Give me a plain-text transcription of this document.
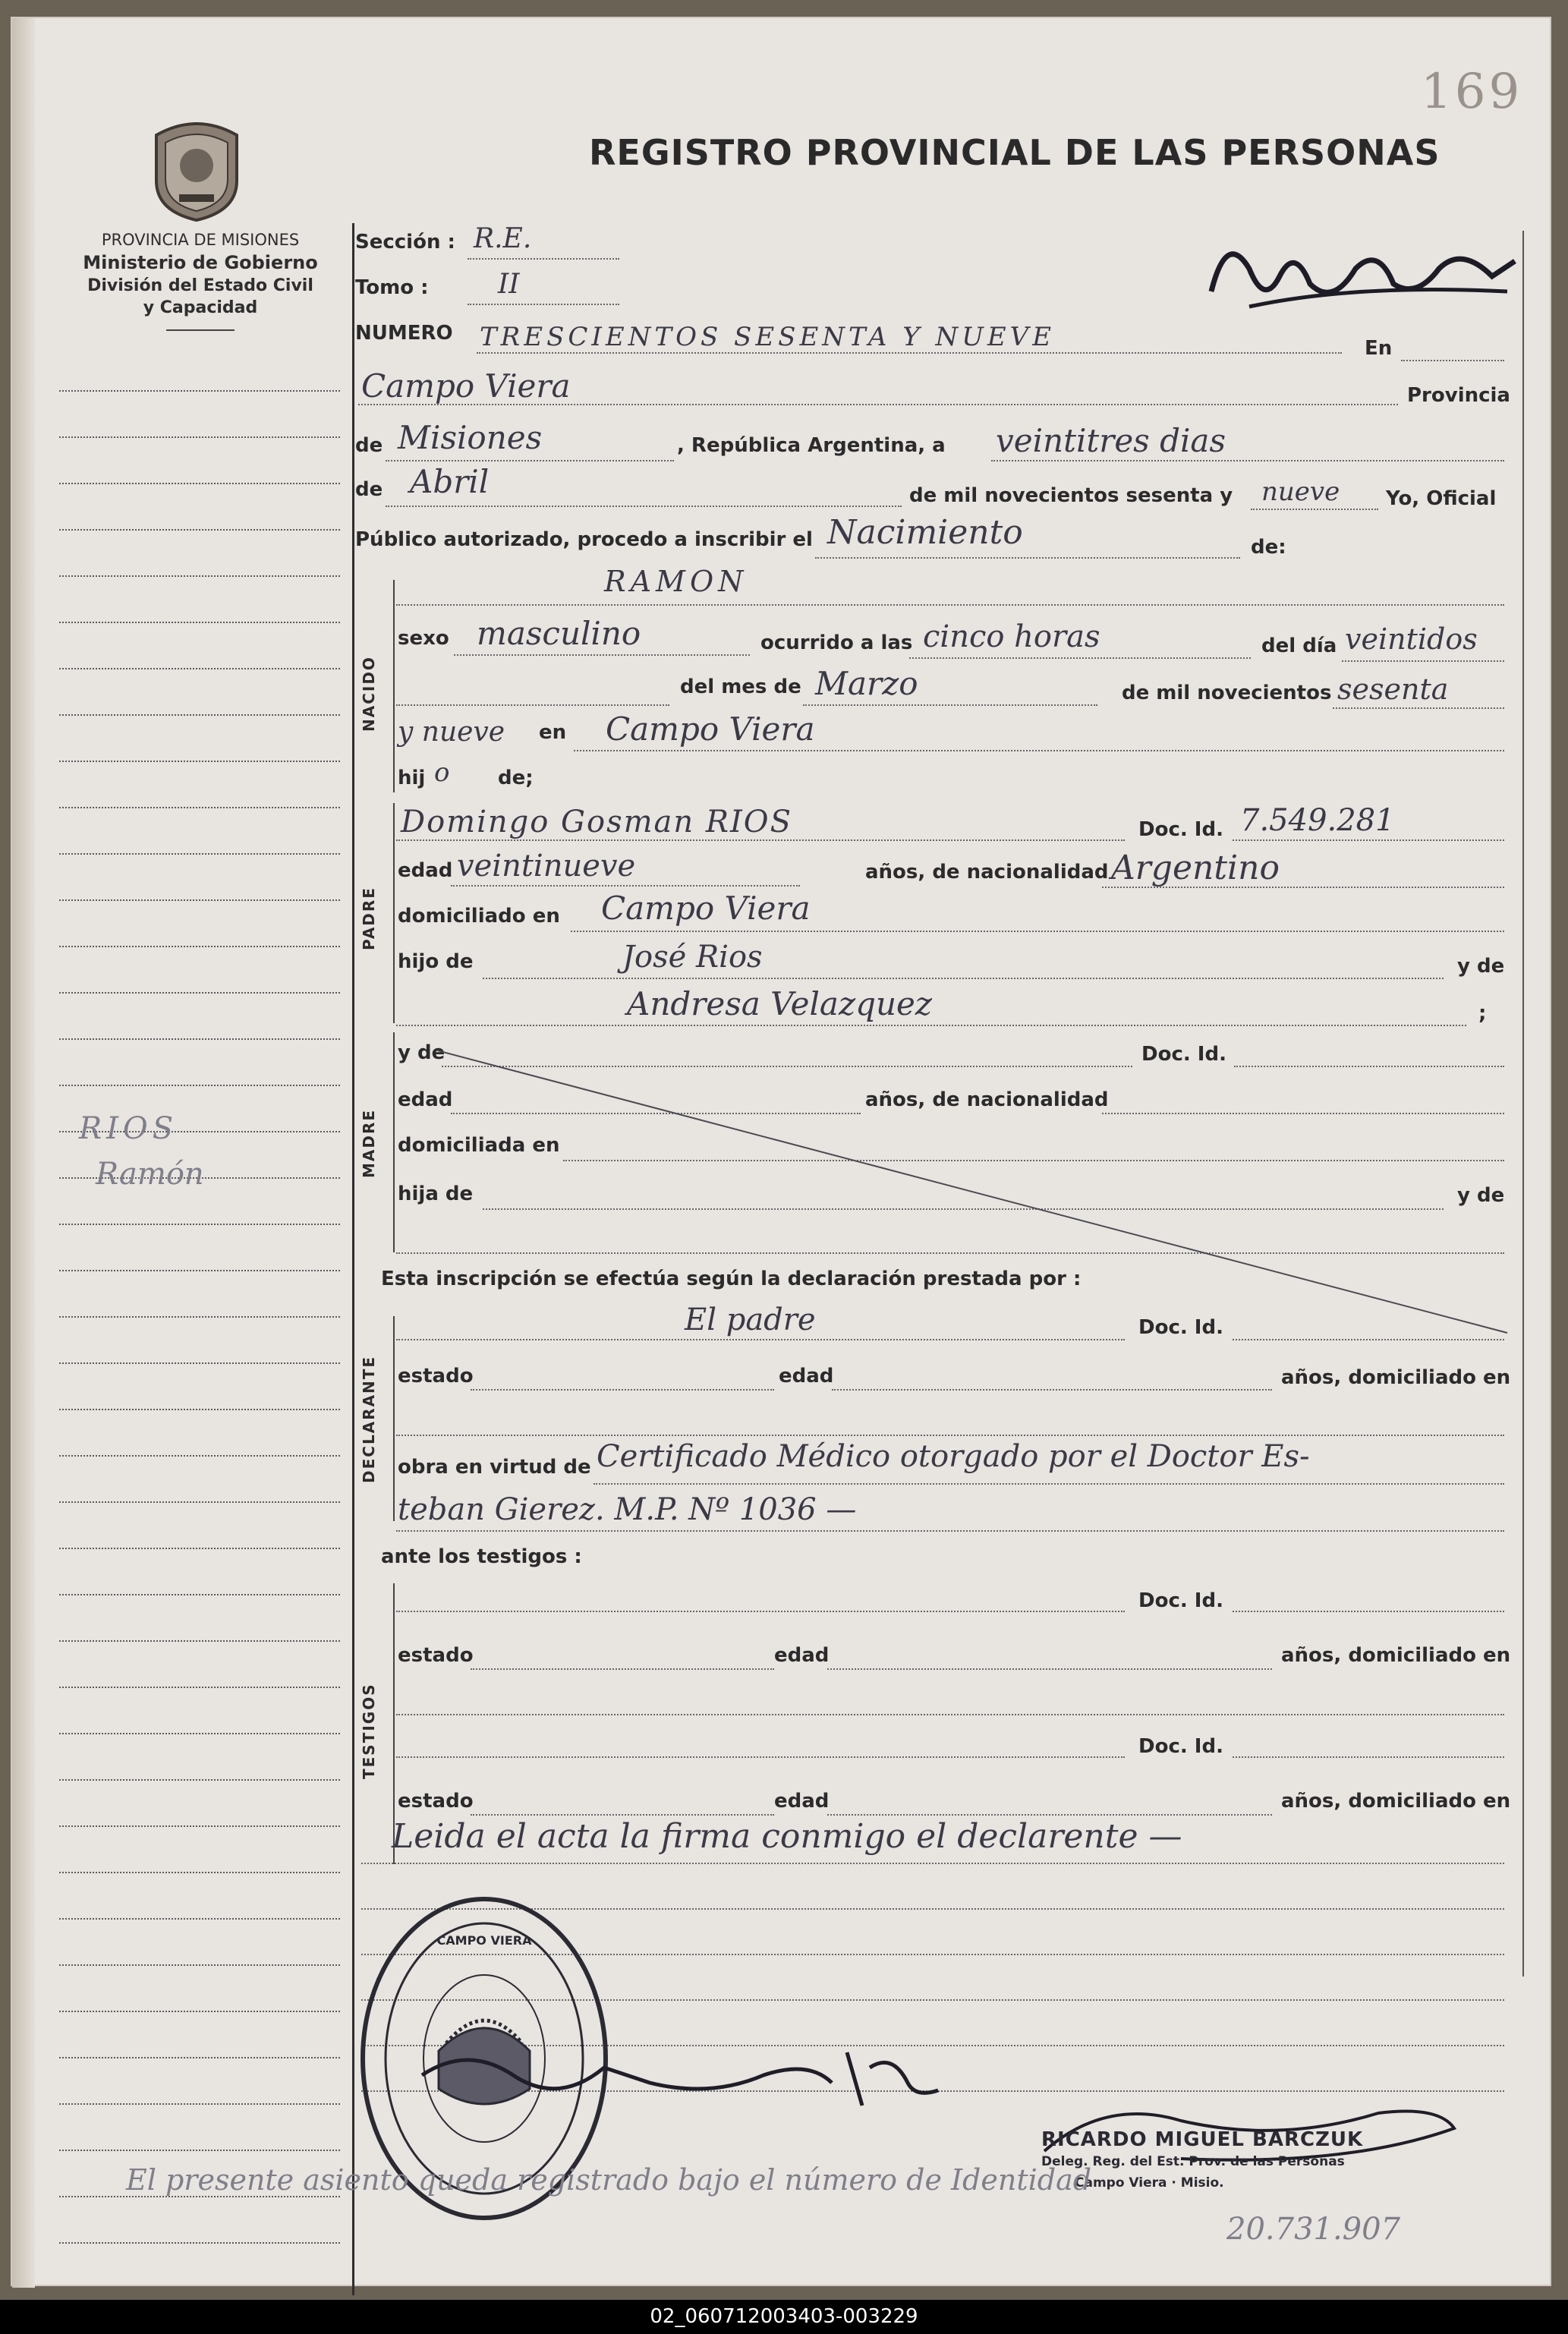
169
PROVINCIA DE MISIONES
Ministerio de Gobierno
División del Estado Civil
y Capacidad
REGISTRO PROVINCIAL DE LAS PERSONAS
RIOS
Ramón
Sección : R.E.
Tomo :	II
NUMERO TRESCIENTOS SESENTA Y NUEVE	En
Campo Viera	Provincia
de Misiones	, República Argentina, a veintitres dias
de Abril	de mil novecientos sesenta y nueve Yo, Oficial
Público autorizado, procedo a inscribir el Nacimiento	de:
NACIDO
RAMON
sexo masculino	ocurrido a las cinco horas	del día veintidos
del mes de Marzo	de mil novecientos sesenta
y nueve en Campo Viera
hij o de;
PADRE
Domingo Gosman RIOS	Doc. Id. 7.549.281
edad veintinueve	años, de nacionalidad Argentino
domiciliado en Campo Viera
hijo de	José Rios	y de
Andresa Velazquez	;
MADRE
y de	Doc. Id.
edad	años, de nacionalidad
domiciliada en
hija de	y de
Esta inscripción se efectúa según la declaración prestada por :
DECLARANTE
El padre	Doc. Id.
estado	edad	años, domiciliado en
obra en virtud de Certificado Médico otorgado por el Doctor Es-
teban Gierez. M.P. Nº 1036 —
ante los testigos :
TESTIGOS
Doc. Id.
estado	edad	años, domiciliado en
Doc. Id.
estado	edad	años, domiciliado en
Leida el acta la firma conmigo el declarente —
CAMPO VIERA
RICARDO MIGUEL BARCZUK
Deleg. Reg. del Est. Prov. de las Personas
Campo Viera · Misio.
El presente asiento queda registrado bajo el número de Identidad
20.731.907
02_060712003403-003229
